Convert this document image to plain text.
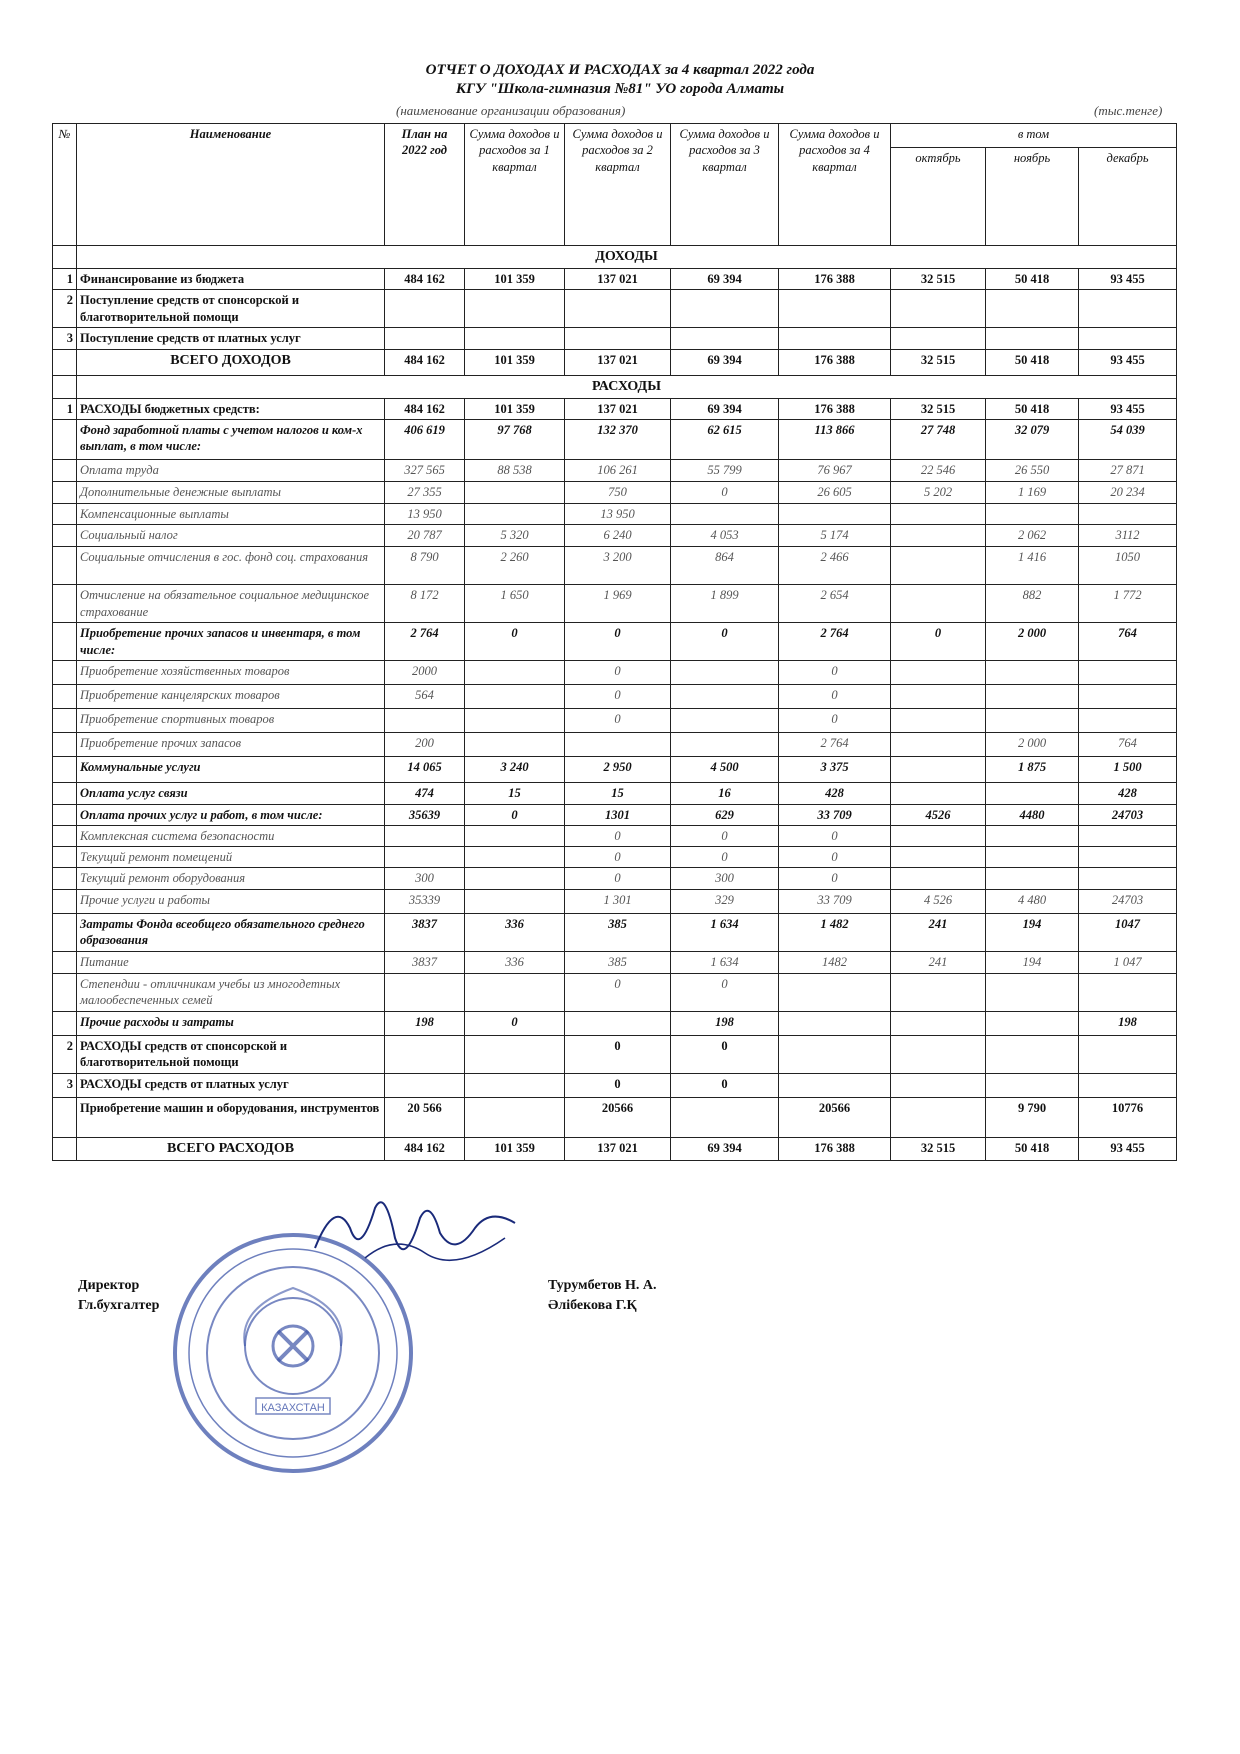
ОТЧЕТ О ДОХОДАХ И РАСХОДАХ за 4 квартал 2022 года
КГУ "Школа-гимназия №81" УО города Алматы
(наименование организации образования)	(тыс.тенге)
№	Наименование	План на 2022 год	Сумма доходов и расходов за 1 квартал	Сумма доходов и расходов за 2 квартал	Сумма доходов и расходов за 3 квартал	Сумма доходов и расходов за 4 квартал	в том		
							октябрь	ноябрь	декабрь
	ДОХОДЫ								
1	Финансирование из бюджета	484 162	101 359	137 021	69 394	176 388	32 515	50 418	93 455
2	Поступление средств от спонсорской и благотворительной помощи								
3	Поступление средств от платных услуг								
	ВСЕГО ДОХОДОВ	484 162	101 359	137 021	69 394	176 388	32 515	50 418	93 455
	РАСХОДЫ								
1	РАСХОДЫ бюджетных средств:	484 162	101 359	137 021	69 394	176 388	32 515	50 418	93 455
	Фонд заработной платы с учетом налогов и ком-х выплат, в том числе:	406 619	97 768	132 370	62 615	113 866	27 748	32 079	54 039
	Оплата труда	327 565	88 538	106 261	55 799	76 967	22 546	26 550	27 871
	Дополнительные денежные выплаты	27 355		750	0	26 605	5 202	1 169	20 234
	Компенсационные выплаты	13 950		13 950					
	Социальный налог	20 787	5 320	6 240	4 053	5 174		2 062	3112
	Социальные отчисления в гос. фонд соц. страхования	8 790	2 260	3 200	864	2 466		1 416	1050
	Отчисление на обязательное социальное медицинское страхование	8 172	1 650	1 969	1 899	2 654		882	1 772
	Приобретение прочих запасов и инвентаря, в том числе:	2 764	0	0	0	2 764	0	2 000	764
	Приобретение хозяйственных товаров	2000		0		0			
	Приобретение канцелярских товаров	564		0		0			
	Приобретение спортивных товаров			0		0			
	Приобретение прочих запасов	200				2 764		2 000	764
	Коммунальные услуги	14 065	3 240	2 950	4 500	3 375		1 875	1 500
	Оплата услуг связи	474	15	15	16	428			428
	Оплата прочих услуг и работ, в том числе:	35639	0	1301	629	33 709	4526	4480	24703
	Комплексная система безопасности			0	0	0			
	Текущий ремонт помещений			0	0	0			
	Текущий ремонт оборудования	300		0	300	0			
	Прочие услуги и работы	35339		1 301	329	33 709	4 526	4 480	24703
	Затраты Фонда всеобщего обязательного среднего образования	3837	336	385	1 634	1 482	241	194	1047
	Питание	3837	336	385	1 634	1482	241	194	1 047
	Степендии - отличникам учебы из многодетных малообеспеченных семей			0	0				
	Прочие расходы и затраты	198	0		198				198
2	РАСХОДЫ средств от спонсорской и благотворительной помощи			0	0				
3	РАСХОДЫ средств от платных услуг			0	0				
	Приобретение машин и оборудования, инструментов	20 566		20566		20566		9 790	10776
	ВСЕГО РАСХОДОВ	484 162	101 359	137 021	69 394	176 388	32 515	50 418	93 455
КАЗАХСТАН
Директор
Гл.бухгалтер
Турумбетов Н. А.
Әлібекова Г.Қ
